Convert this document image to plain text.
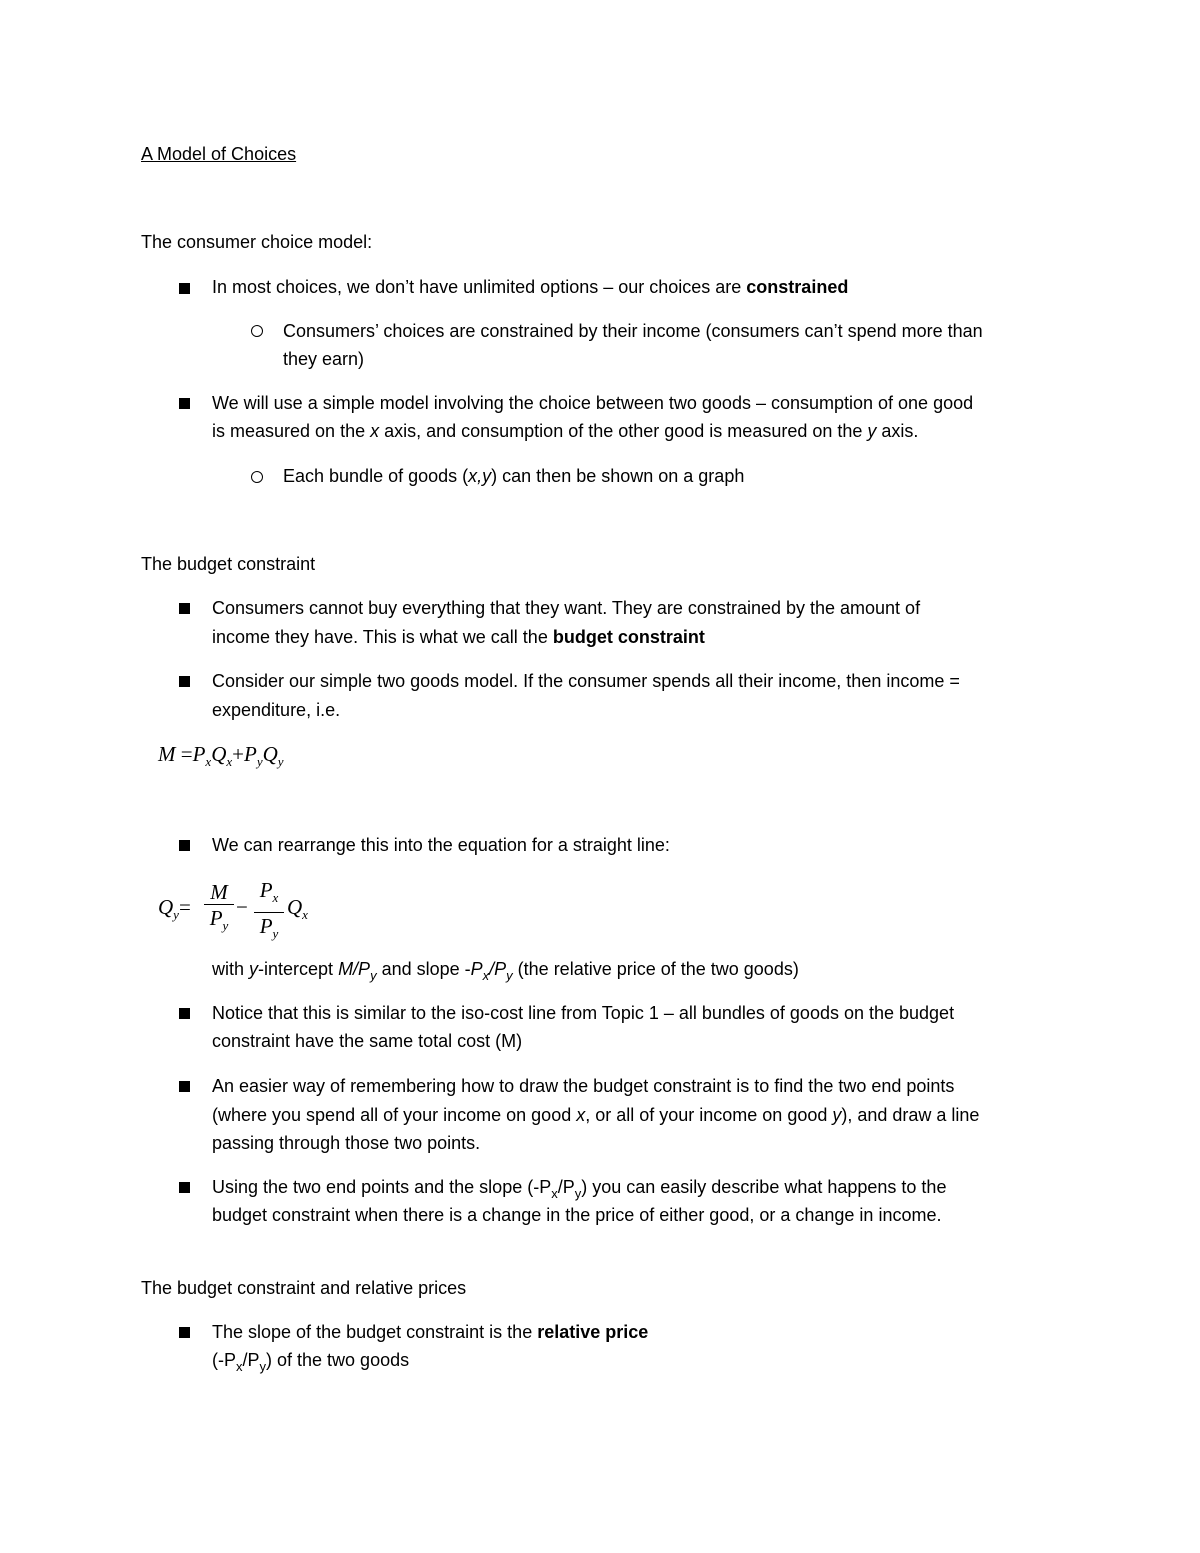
A Model of Choices
The consumer choice model:
In most choices, we don’t have unlimited options – our choices are constrained
Consumers’ choices are constrained by their income (consumers can’t spend more than
they earn)
We will use a simple model involving the choice between two goods – consumption of one good
is measured on the x axis, and consumption of the other good is measured on the y axis.
Each bundle of goods (x,y) can then be shown on a graph
The budget constraint
Consumers cannot buy everything that they want. They are constrained by the amount of
income they have. This is what we call the budget constraint
Consider our simple two goods model. If the consumer spends all their income, then income =
expenditure, i.e.
$M =P_xQ_x+P_yQ_y$
We can rearrange this into the equation for a straight line:
$Q_y=$
M
$P_y$
−
$P_x$
$P_y$
$Q_x$
with y-intercept $M/P_y$ and slope $-P_x/P_y$ (the relative price of the two goods)
Notice that this is similar to the iso-cost line from Topic 1 – all bundles of goods on the budget
constraint have the same total cost (M)
An easier way of remembering how to draw the budget constraint is to find the two end points
(where you spend all of your income on good x, or all of your income on good y), and draw a line
passing through those two points.
Using the two end points and the slope $(-P_x/P_y)$ you can easily describe what happens to the
budget constraint when there is a change in the price of either good, or a change in income.
The budget constraint and relative prices
The slope of the budget constraint is the relative price
$(-P_x/P_y)$ of the two goods
